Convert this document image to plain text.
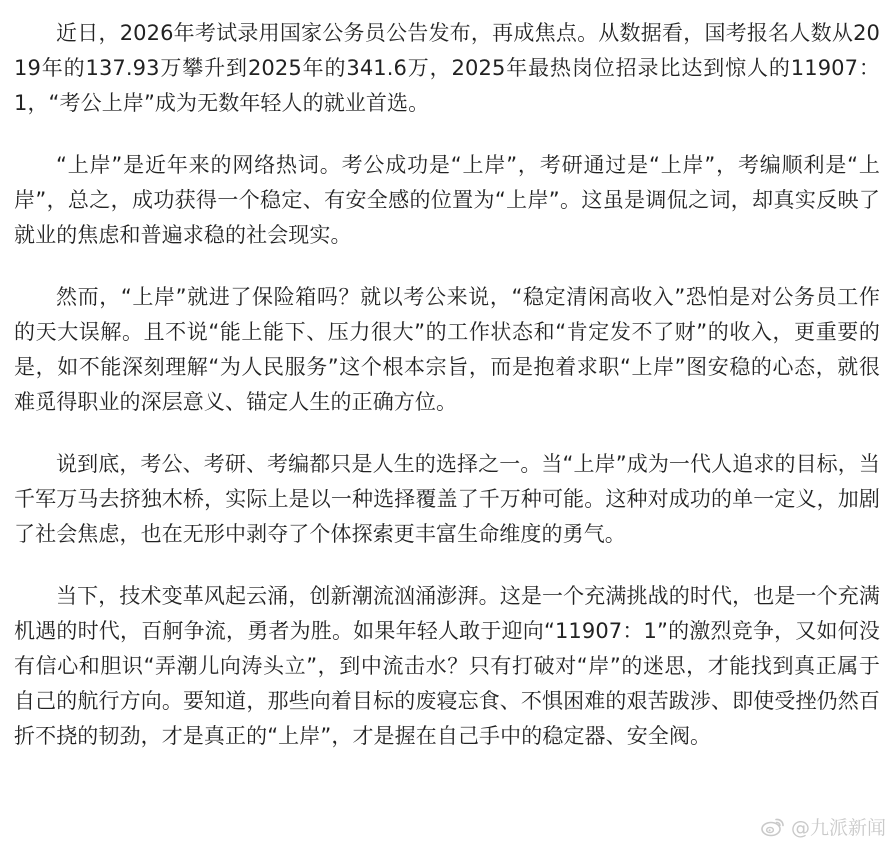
近日，2026年考试录用国家公务员公告发布，再成焦点。从数据看，国考报名人数从2019年的137.93万攀升到2025年的341.6万，2025年最热岗位招录比达到惊人的11907：1，“考公上岸”成为无数年轻人的就业首选。

“上岸”是近年来的网络热词。考公成功是“上岸”，考研通过是“上岸”，考编顺利是“上岸”，总之，成功获得一个稳定、有安全感的位置为“上岸”。这虽是调侃之词，却真实反映了就业的焦虑和普遍求稳的社会现实。

然而，“上岸”就进了保险箱吗？就以考公来说，“稳定清闲高收入”恐怕是对公务员工作的天大误解。且不说“能上能下、压力很大”的工作状态和“肯定发不了财”的收入，更重要的是，如不能深刻理解“为人民服务”这个根本宗旨，而是抱着求职“上岸”图安稳的心态，就很难觅得职业的深层意义、锚定人生的正确方位。

说到底，考公、考研、考编都只是人生的选择之一。当“上岸”成为一代人追求的目标，当千军万马去挤独木桥，实际上是以一种选择覆盖了千万种可能。这种对成功的单一定义，加剧了社会焦虑，也在无形中剥夺了个体探索更丰富生命维度的勇气。

当下，技术变革风起云涌，创新潮流汹涌澎湃。这是一个充满挑战的时代，也是一个充满机遇的时代，百舸争流，勇者为胜。如果年轻人敢于迎向“11907：1”的激烈竞争，又如何没有信心和胆识“弄潮儿向涛头立”，到中流击水？只有打破对“岸”的迷思，才能找到真正属于自己的航行方向。要知道，那些向着目标的废寝忘食、不惧困难的艰苦跋涉、即使受挫仍然百折不挠的韧劲，才是真正的“上岸”，才是握在自己手中的稳定器、安全阀。

@九派新闻
